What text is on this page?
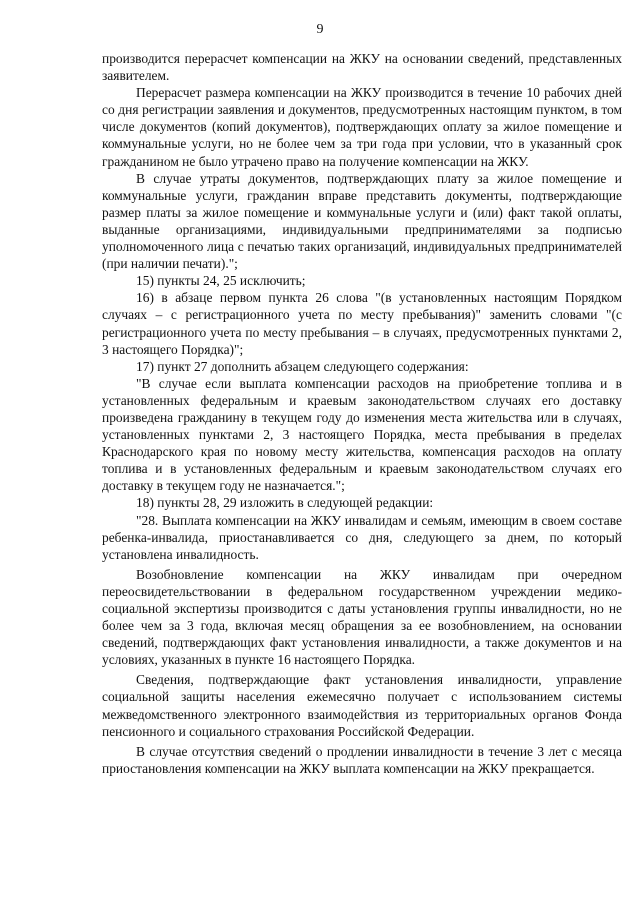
9

производится перерасчет компенсации на ЖКУ на основании сведений, представленных заявителем.

Перерасчет размера компенсации на ЖКУ производится в течение 10 рабочих дней со дня регистрации заявления и документов, предусмотренных настоящим пунктом, в том числе документов (копий документов), подтверждающих оплату за жилое помещение и коммунальные услуги, но не более чем за три года при условии, что в указанный срок гражданином не было утрачено право на получение компенсации на ЖКУ.

В случае утраты документов, подтверждающих плату за жилое помещение и коммунальные услуги, гражданин вправе представить документы, подтверждающие размер платы за жилое помещение и коммунальные услуги и (или) факт такой оплаты, выданные организациями, индивидуальными предпринимателями за подписью уполномоченного лица с печатью таких организаций, индивидуальных предпринимателей (при наличии печати).";

15) пункты 24, 25 исключить;

16) в абзаце первом пункта 26 слова "(в установленных настоящим Порядком случаях – с регистрационного учета по месту пребывания)" заменить словами "(с регистрационного учета по месту пребывания – в случаях, предусмотренных пунктами 2, 3 настоящего Порядка)";

17) пункт 27 дополнить абзацем следующего содержания:

"В случае если выплата компенсации расходов на приобретение топлива и в установленных федеральным и краевым законодательством случаях его доставку произведена гражданину в текущем году до изменения места жительства или в случаях, установленных пунктами 2, 3 настоящего Порядка, места пребывания в пределах Краснодарского края по новому месту жительства, компенсация расходов на оплату топлива и в установленных федеральным и краевым законодательством случаях его доставку в текущем году не назначается.";

18) пункты 28, 29 изложить в следующей редакции:

"28. Выплата компенсации на ЖКУ инвалидам и семьям, имеющим в своем составе ребенка-инвалида, приостанавливается со дня, следующего за днем, по который установлена инвалидность.

Возобновление компенсации на ЖКУ инвалидам при очередном переосвидетельствовании в федеральном государственном учреждении медико-социальной экспертизы производится с даты установления группы инвалидности, но не более чем за 3 года, включая месяц обращения за ее возобновлением, на основании сведений, подтверждающих факт установления инвалидности, а также документов и на условиях, указанных в пункте 16 настоящего Порядка.

Сведения, подтверждающие факт установления инвалидности, управление социальной защиты населения ежемесячно получает с использованием системы межведомственного электронного взаимодействия из территориальных органов Фонда пенсионного и социального страхования Российской Федерации.

В случае отсутствия сведений о продлении инвалидности в течение 3 лет с месяца приостановления компенсации на ЖКУ выплата компенсации на ЖКУ прекращается.
